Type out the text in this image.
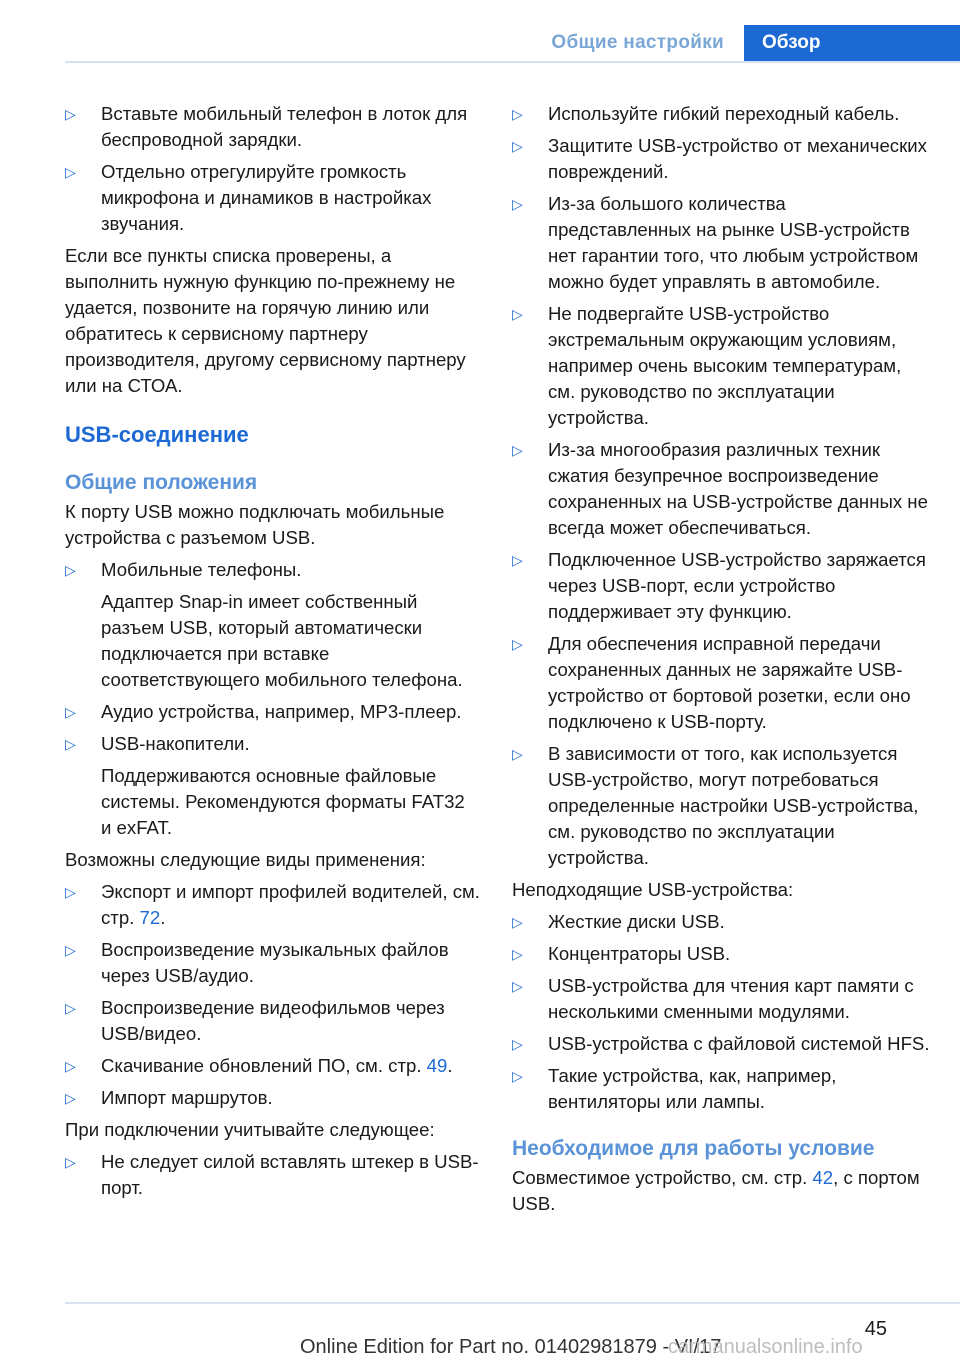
Общие настройки	Обзор
▷ Вставьте мобильный телефон в лоток для беспроводной зарядки.
▷ Отдельно отрегулируйте громкость микрофона и динамиков в настройках звучания.
Если все пункты списка проверены, а выполнить нужную функцию по-прежнему не удается, позвоните на горячую линию или обратитесь к сервисному партнеру производителя, другому сервисному партнеру или на СТОА.
USB-соединение
Общие положения
К порту USB можно подключать мобильные устройства с разъемом USB.
▷ Мобильные телефоны.
Адаптер Snap-in имеет собственный разъем USB, который автоматически подключается при вставке соответствующего мобильного телефона.
▷ Аудио устройства, например, MP3-плеер.
▷ USB-накопители.
Поддерживаются основные файловые системы. Рекомендуются форматы FAT32 и exFAT.
Возможны следующие виды применения:
▷ Экспорт и импорт профилей водителей, см. стр. 72.
▷ Воспроизведение музыкальных файлов через USB/аудио.
▷ Воспроизведение видеофильмов через USB/видео.
▷ Скачивание обновлений ПО, см. стр. 49.
▷ Импорт маршрутов.
При подключении учитывайте следующее:
▷ Не следует силой вставлять штекер в USB-порт.
▷ Используйте гибкий переходный кабель.
▷ Защитите USB-устройство от механических повреждений.
▷ Из-за большого количества представленных на рынке USB-устройств нет гарантии того, что любым устройством можно будет управлять в автомобиле.
▷ Не подвергайте USB-устройство экстремальным окружающим условиям, например очень высоким температурам, см. руководство по эксплуатации устройства.
▷ Из-за многообразия различных техник сжатия безупречное воспроизведение сохраненных на USB-устройстве данных не всегда может обеспечиваться.
▷ Подключенное USB-устройство заряжается через USB-порт, если устройство поддерживает эту функцию.
▷ Для обеспечения исправной передачи сохраненных данных не заряжайте USB-устройство от бортовой розетки, если оно подключено к USB-порту.
▷ В зависимости от того, как используется USB-устройство, могут потребоваться определенные настройки USB-устройства, см. руководство по эксплуатации устройства.
Неподходящие USB-устройства:
▷ Жесткие диски USB.
▷ Концентраторы USB.
▷ USB-устройства для чтения карт памяти с несколькими сменными модулями.
▷ USB-устройства с файловой системой HFS.
▷ Такие устройства, как, например, вентиляторы или лампы.
Необходимое для работы условие
Совместимое устройство, см. стр. 42, с портом USB.
45
Online Edition for Part no. 01402981879 - VI/17
carmanualsonline.info
